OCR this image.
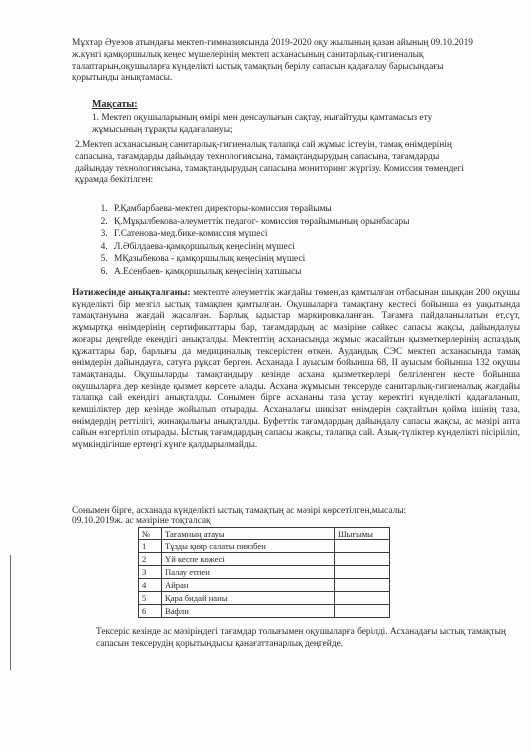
Мұхтар Әуезов атындағы мектеп-гимназиясында 2019-2020 оқу жылының қазан айының 09.10.2019 ж.күнгі қамқоршылық кеңес мүшелерінің мектеп асханасының санитарлық-гигиеналық талаптарын,оқушыларға күнделікті ыстық тамақтың берілу сапасын қадағалау барысындағы қорытынды анықтамасы.
Мақсаты:
1. Мектеп оқушыларының өмірі мен денсаулығын сақтау, нығайтуды қамтамасыз ету жұмысының тұрақты қадағалануы;
2.Мектеп асханасының санитарлық-гигиеналық талапқа сай жұмыс істеуін, тамақ өнімдерінің сапасына, тағамдарды дайындау технологиясына, тамақтандырудың сапасына, тағамдарды дайындау технологиясына, тамақтандырудың сапасына мониторинг жүргізу. Комиссия төмендегі құрамда бекітілген:
1. Р.Қамбарбаева-мектеп директоры-комиссия төрайымы
2. Қ.Мұқылбекова-әлеуметтік педагог- комиссия төрайымының орынбасары
3. Г.Сатенова-мед.бике-комиссия мүшесі
4. Л.Әбілдаева-қамқоршылық кеңесінің мүшесі
5. МҚазыбекова - қамқоршылық кеңесінің мүшесі
6. А.Есенбаев- қамқоршылық кеңесінің хатшысы
Нәтижесінде анықталғаны: мектепте әлеуметтік жағдайы төмен,аз қамтылған отбасынан шыққан 200 оқушы күнделікті бір мезгіл ыстық тамақпен қамтылған. Оқушыларға тамақтану кестесі бойынша өз уақытында тамақтануына жағдай жасалған. Барлық ыдыстар маркировкаланған. Тағамға пайдаланылатын ет,сүт, жұмыртқа өнімдерінің сертификаттары бар, тағамдардың ас мәзіріне сәйкес сапасы жақсы, дайындалуы жоғары деңгейде екендігі анықталды. Мектептің асханасында жұмыс жасайтын қызметкерлерінің аспаздық құжаттары бар, барлығы да медициналық тексерістен өткен. Аудандық СЭС мектеп асханасында тамақ өнімдерін дайындауға, сатуға рұқсат берген. Асханада I ауысым бойынша 68, II ауысым бойынша 132 оқушы тамақтанады. Оқушыларды тамақтандыру кезінде асхана қызметкерлері белгіленген кесте бойынша оқушыларға дер кезінде қызмет көрсете алады. Асхана жұмысын тексеруде санитарлық-гигиеналық жағдайы талапқа сай екендігі анықталды. Сонымен бірге асхананы таза ұстау керектігі күнделікті қадағаланып, кемшіліктер дер кезінде жойылып отырады. Асханалағы шикізат өнімдерін сақтайтын қойма ішінің таза, өнімдердің реттілігі, жинақылығы анықталды. Буфеттік тағамдардың дайындалу сапасы жақсы, ас мәзірі апта сайын өзгертіліп отырады. Ыстық тағамдардың сапасы жақсы, талапқа сай. Азық-түліктер күнделікті пісірііліп, мүмкіндігінше ертеңгі күнге қалдырылмайды.
Сонымен бірге, асханада күнделікті ыстық тамақтың ас мәзірі көрсетілген,мысалы:
09.10.2019ж. ас мәзіріне тоқталсақ
№	Тағамның атауы	Шығымы
1	Тұзды қияр салаты пиязбен	
2	Үй кеспе көжесі	
3	Палау етпен	
4	Айран	
5	Қара бидай наны	
6	Вафли	
Тексеріс кезінде ас мәзіріндегі тағамдар толығымен оқушыларға берілді. Асханадағы ыстық тамақтың сапасын тексерудің қорытындысы қанағаттанарлық деңгейде.
